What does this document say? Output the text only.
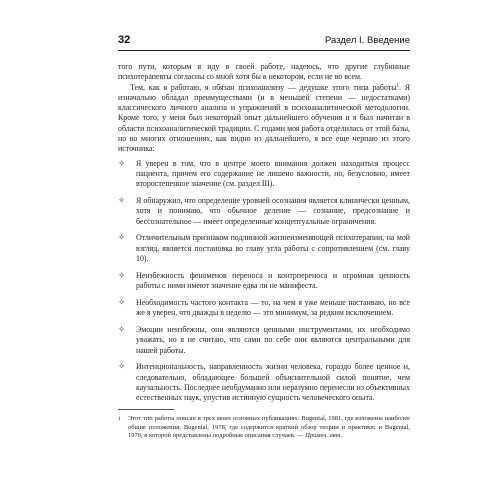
32	Раздел I. Введение

того пути, которым я иду в своей работе, надеюсь, что другие глубинные психотерапевты согласны со мной хотя бы в некотором, если не во всем.

Тем, как я работаю, я обязан психоанализу — дедушке этого типа работы$^1$. Я изначально обладал преимуществами (и в меньшей степени — недостатками) классического личного анализа и упражнений в психоаналитической методологии. Кроме того, у меня был некоторый опыт дальнейшего обучения и я был начитан в области психоаналитической традиции. С годами моя работа отделилась от этой базы, но во многих отношениях, как видно из дальнейшего, я все еще черпаю из этого источника:

✧	Я уверен в том, что в центре моего внимания должен находиться процесс пациента, причем его содержание не лишено важности, но, безусловно, имеет второстепенное значение (см. раздел III).
✧	Я обнаружил, что определение уровней осознания является клинически ценным, хотя и понимаю, что обычное деление — сознание, предсознание и бессознательное — имеет определенные концептуальные ограничения.
✧	Отличительным признаком подлинной жизнеизменяющей психотерапии, на мой взгляд, является постановка во главу угла работы с сопротивлением (см. главу 10).
✧	Неизбежность феноменов переноса и контрпереноса и огромная ценность работы с ними имеют значение едва ли не манифеста.
✧	Необходимость частого контакта — то, на чем я уже меньше настаиваю, но все же я уверен, что дважды в неделю — это минимум, за редким исключением.
✧	Эмоции неизбежны, они являются ценными инструментами, их необходимо уважать, но я не считаю, что сами по себе они являются центральными для нашей работы.
✧	Интенциональность, направленность жизни человека, гораздо более ценное и, следовательно, обладающее большей объяснительной силой понятие, чем каузальность. Последнее необдуманно или неразумно перенесли из объективных естественных наук, упустив истинную сущность человеческого опыта.
1	Этот тип работы описан в трех моих основных публикациях: Bugental, 1981, где изложены наиболее общие положения; Bugental, 1978, где содержится краткий обзор теории и практики; и Bugental, 1976, в которой представлены подробные описания случаев. — Примеч. авт.
